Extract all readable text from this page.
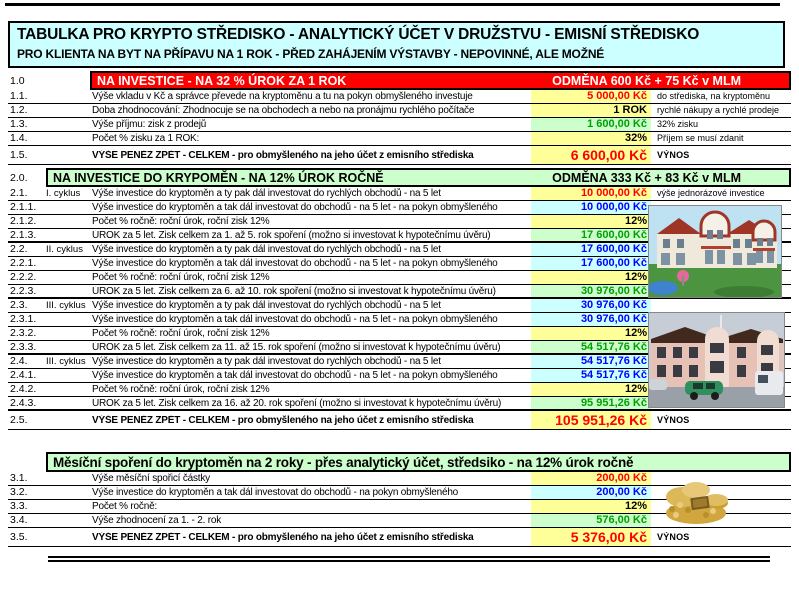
TABULKA PRO KRYPTO STŘEDISKO - ANALYTICKÝ ÚČET V DRUŽSTVU - EMISNÍ STŘEDISKO
PRO KLIENTA NA BYT NA PŘÍPAVU NA 1 ROK - PŘED ZAHÁJENÍM VÝSTAVBY - NEPOVINNÉ, ALE MOŽNÉ
1.0	NA INVESTICE - NA 32 % ÚROK ZA 1 ROK	ODMĚNA 600 Kč + 75 Kč v MLM
1.1.	Výše vkladu v Kč a správce převede na kryptoměnu a tu na pokyn obmyšleného investuje	5 000,00 Kč	do střediska, na kryptoměnu
1.2.	Doba zhodnocování: Zhodnocuje se na obchodech a nebo na pronájmu rychlého počítače	1 ROK	rychlé nákupy a rychlé prodeje
1.3.	Výše příjmu: zisk z prodejů	1 600,00 Kč	32% zisku
1.4.	Počet % zisku za 1 ROK:	32%	Příjem se musí zdanit
1.5.	VÝŠE PENĚZ ZPĚT - CELKEM - pro obmyšleného na jeho účet z emisního střediska	6 600,00 Kč	VÝNOS
2.0.	NA INVESTICE DO KRYPOMĚN - NA 12% ÚROK ROČNĚ	ODMĚNA 333 Kč + 83 Kč v MLM
2.1.	I. cyklus	Výše investice do kryptoměn a ty pak dál investovat do rychlých obchodů - na 5 let	10 000,00 Kč	výše jednorázové investice
2.1.1.	Výše investice do kryptoměn a tak dál investovat do obchodů - na 5 let - na pokyn obmyšleného	10 000,00 Kč
2.1.2.	Počet % ročně: roční úrok, roční zisk 12%	12%
2.1.3.	ÚROK za 5 let. Zisk celkem za 1. až 5. rok spoření (možno si investovat k hypotečnímu úvěru)	17 600,00 Kč
2.2.	II. cyklus Výše investice do kryptoměn a ty pak dál investovat do rychlých obchodů - na 5 let	17 600,00 Kč
2.2.1.	Výše investice do kryptoměn a tak dál investovat do obchodů - na 5 let - na pokyn obmyšleného	17 600,00 Kč
2.2.2.	Počet % ročně: roční úrok, roční zisk 12%	12%
2.2.3.	ÚROK za 5 let. Zisk celkem za 6. až 10. rok spoření (možno si investovat k hypotečnímu úvěru)	30 976,00 Kč
2.3.	III. cyklus Výše investice do kryptoměn a ty pak dál investovat do rychlých obchodů - na 5 let	30 976,00 Kč
2.3.1.	Výše investice do kryptoměn a tak dál investovat do obchodů - na 5 let - na pokyn obmyšleného	30 976,00 Kč
2.3.2.	Počet % ročně: roční úrok, roční zisk 12%	12%
2.3.3.	ÚROK za 5 let. Zisk celkem za 11. až 15. rok spoření (možno si investovat k hypotečnímu úvěru)	54 517,76 Kč
2.4.	III. cyklus Výše investice do kryptoměn a ty pak dál investovat do rychlých obchodů - na 5 let	54 517,76 Kč
2.4.1.	Výše investice do kryptoměn a tak dál investovat do obchodů - na 5 let - na pokyn obmyšleného	54 517,76 Kč
2.4.2.	Počet % ročně: roční úrok, roční zisk 12%	12%
2.4.3.	ÚROK za 5 let. Zisk celkem za 16. až 20. rok spoření (možno si investovat k hypotečnímu úvěru)	95 951,26 Kč
2.5.	VÝŠE PENĚZ ZPĚT - CELKEM - pro obmyšleného na jeho účet z emisního střediska	105 951,26 Kč	VÝNOS
Měsíční spoření do kryptoměn na 2 roky - přes analytický účet, středsiko - na 12% úrok ročně
3.1.	Výše měsíční spořicí částky	200,00 Kč
3.2.	Výše investice do kryptoměn a tak dál investovat do obchodů - na pokyn obmyšleného	200,00 Kč
3.3.	Počet % ročně:	12%
3.4.	Výše zhodnocení za 1. - 2. rok	576,00 Kč
3.5.	VÝŠE PENĚZ ZPĚT - CELKEM - pro obmyšleného na jeho účet z emisního střediska	5 376,00 Kč	VÝNOS
